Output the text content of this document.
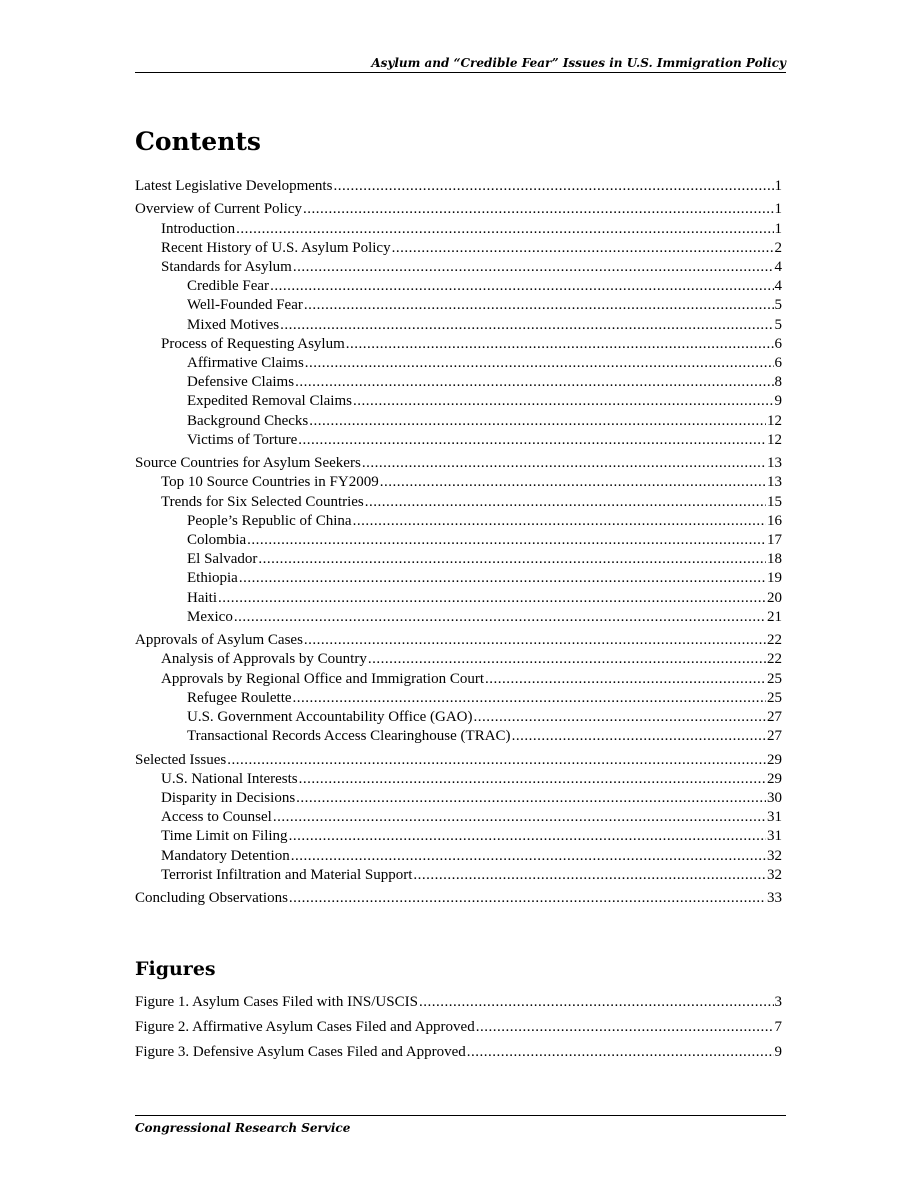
Asylum and “Credible Fear” Issues in U.S. Immigration Policy
Contents
Latest Legislative Developments .....	1
Overview of Current Policy .....	1
Introduction .....	1
Recent History of U.S. Asylum Policy .....	2
Standards for Asylum .....	4
Credible Fear .....	4
Well-Founded Fear .....	5
Mixed Motives .....	5
Process of Requesting Asylum .....	6
Affirmative Claims .....	6
Defensive Claims .....	8
Expedited Removal Claims .....	9
Background Checks .....	12
Victims of Torture .....	12
Source Countries for Asylum Seekers .....	13
Top 10 Source Countries in FY2009 .....	13
Trends for Six Selected Countries .....	15
People’s Republic of China .....	16
Colombia .....	17
El Salvador .....	18
Ethiopia .....	19
Haiti .....	20
Mexico .....	21
Approvals of Asylum Cases .....	22
Analysis of Approvals by Country .....	22
Approvals by Regional Office and Immigration Court .....	25
Refugee Roulette .....	25
U.S. Government Accountability Office (GAO) .....	27
Transactional Records Access Clearinghouse (TRAC) .....	27
Selected Issues .....	29
U.S. National Interests .....	29
Disparity in Decisions .....	30
Access to Counsel .....	31
Time Limit on Filing .....	31
Mandatory Detention .....	32
Terrorist Infiltration and Material Support .....	32
Concluding Observations .....	33
Figures
Figure 1. Asylum Cases Filed with INS/USCIS .....	3
Figure 2. Affirmative Asylum Cases Filed and Approved .....	7
Figure 3. Defensive Asylum Cases Filed and Approved .....	9
Congressional Research Service
